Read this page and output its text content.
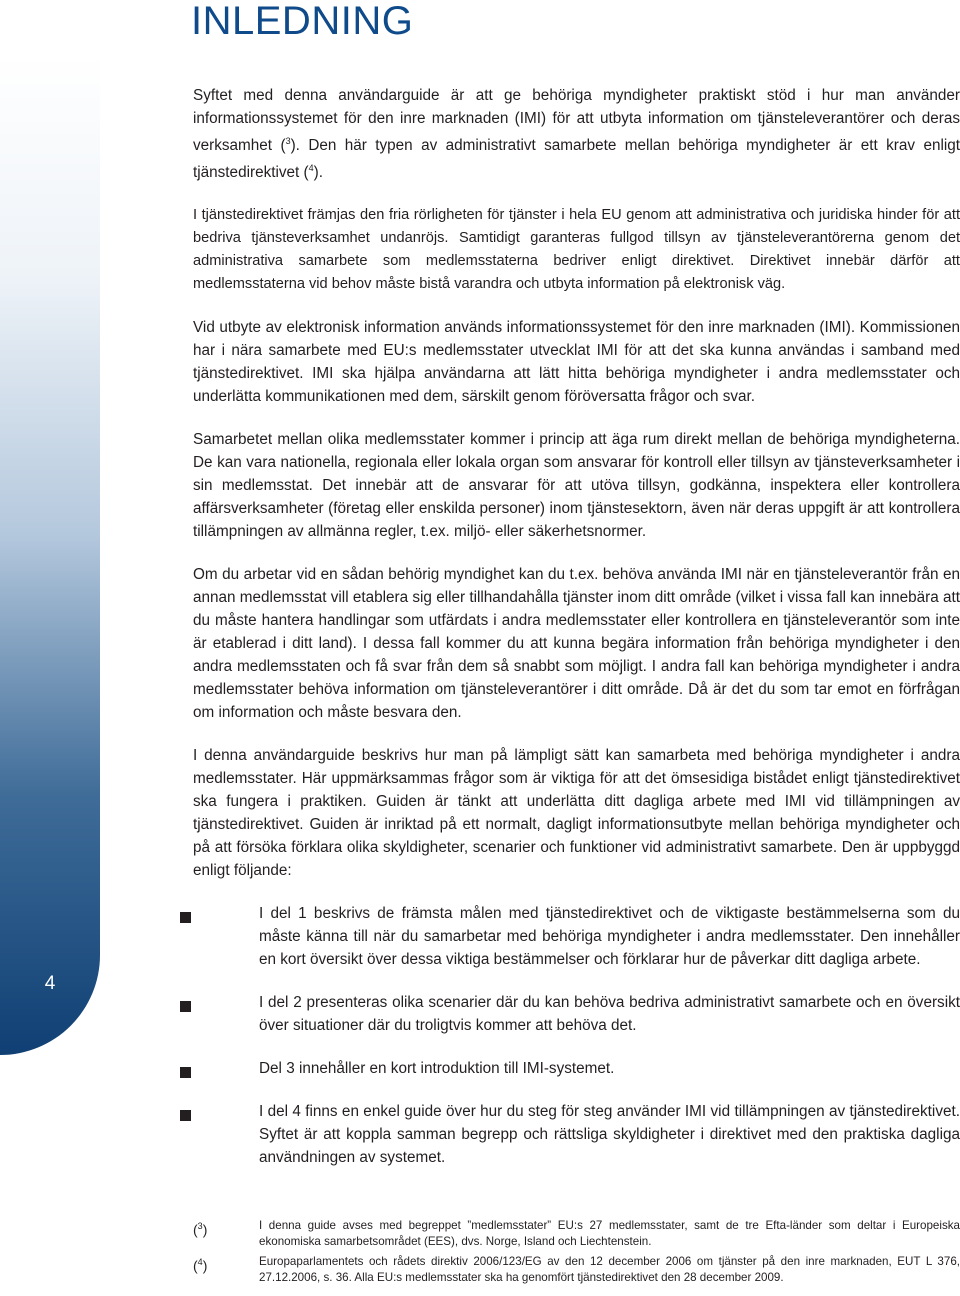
4
INLEDNING

Syftet med denna användarguide är att ge behöriga myndigheter praktiskt stöd i hur man använder informationssystemet för den inre marknaden (IMI) för att utbyta information om tjänsteleverantörer och deras verksamhet ($^3$). Den här typen av administrativt samarbete mellan behöriga myndigheter är ett krav enligt tjänstedirektivet ($^4$).

I tjänstedirektivet främjas den fria rörligheten för tjänster i hela EU genom att administrativa och juridiska hinder för att bedriva tjänsteverksamhet undanröjs. Samtidigt garanteras fullgod tillsyn av tjänsteleverantörerna genom det administrativa samarbete som medlemsstaterna bedriver enligt direktivet. Direktivet innebär därför att medlemsstaterna vid behov måste bistå varandra och utbyta information på elektronisk väg.

Vid utbyte av elektronisk information används informationssystemet för den inre marknaden (IMI). Kommissionen har i nära samarbete med EU:s medlemsstater utvecklat IMI för att det ska kunna användas i samband med tjänstedirektivet. IMI ska hjälpa användarna att lätt hitta behöriga myndigheter i andra medlemsstater och underlätta kommunikationen med dem, särskilt genom föröversatta frågor och svar.

Samarbetet mellan olika medlemsstater kommer i princip att äga rum direkt mellan de behöriga myndigheterna. De kan vara nationella, regionala eller lokala organ som ansvarar för kontroll eller tillsyn av tjänsteverksamheter i sin medlemsstat. Det innebär att de ansvarar för att utöva tillsyn, godkänna, inspektera eller kontrollera affärsverksamheter (företag eller enskilda personer) inom tjänstesektorn, även när deras uppgift är att kontrollera tillämpningen av allmänna regler, t.ex. miljö- eller säkerhetsnormer.

Om du arbetar vid en sådan behörig myndighet kan du t.ex. behöva använda IMI när en tjänsteleverantör från en annan medlemsstat vill etablera sig eller tillhandahålla tjänster inom ditt område (vilket i vissa fall kan innebära att du måste hantera handlingar som utfärdats i andra medlemsstater eller kontrollera en tjänsteleverantör som inte är etablerad i ditt land). I dessa fall kommer du att kunna begära information från behöriga myndigheter i den andra medlemsstaten och få svar från dem så snabbt som möjligt. I andra fall kan behöriga myndigheter i andra medlemsstater behöva information om tjänsteleverantörer i ditt område. Då är det du som tar emot en förfrågan om information och måste besvara den.

I denna användarguide beskrivs hur man på lämpligt sätt kan samarbeta med behöriga myndigheter i andra medlemsstater. Här uppmärksammas frågor som är viktiga för att det ömsesidiga bistådet enligt tjänstedirektivet ska fungera i praktiken. Guiden är tänkt att underlätta ditt dagliga arbete med IMI vid tillämpningen av tjänstedirektivet. Guiden är inriktad på ett normalt, dagligt informationsutbyte mellan behöriga myndigheter och på att försöka förklara olika skyldigheter, scenarier och funktioner vid administrativt samarbete. Den är uppbyggd enligt följande:

I del 1 beskrivs de främsta målen med tjänstedirektivet och de viktigaste bestämmelserna som du måste känna till när du samarbetar med behöriga myndigheter i andra medlemsstater. Den innehåller en kort översikt över dessa viktiga bestämmelser och förklarar hur de påverkar ditt dagliga arbete.
I del 2 presenteras olika scenarier där du kan behöva bedriva administrativt samarbete och en översikt över situationer där du troligtvis kommer att behöva det.
Del 3 innehåller en kort introduktion till IMI-systemet.
I del 4 finns en enkel guide över hur du steg för steg använder IMI vid tillämpningen av tjänstedirektivet. Syftet är att koppla samman begrepp och rättsliga skyldigheter i direktivet med den praktiska dagliga användningen av systemet.
($^3$)	I denna guide avses med begreppet ”medlemsstater” EU:s 27 medlemsstater, samt de tre Efta-länder som deltar i Europeiska ekonomiska samarbetsområdet (EES), dvs. Norge, Island och Liechtenstein.
($^4$)	Europaparlamentets och rådets direktiv 2006/123/EG av den 12 december 2006 om tjänster på den inre marknaden, EUT L 376, 27.12.2006, s. 36. Alla EU:s medlemsstater ska ha genomfört tjänstedirektivet den 28 december 2009.
